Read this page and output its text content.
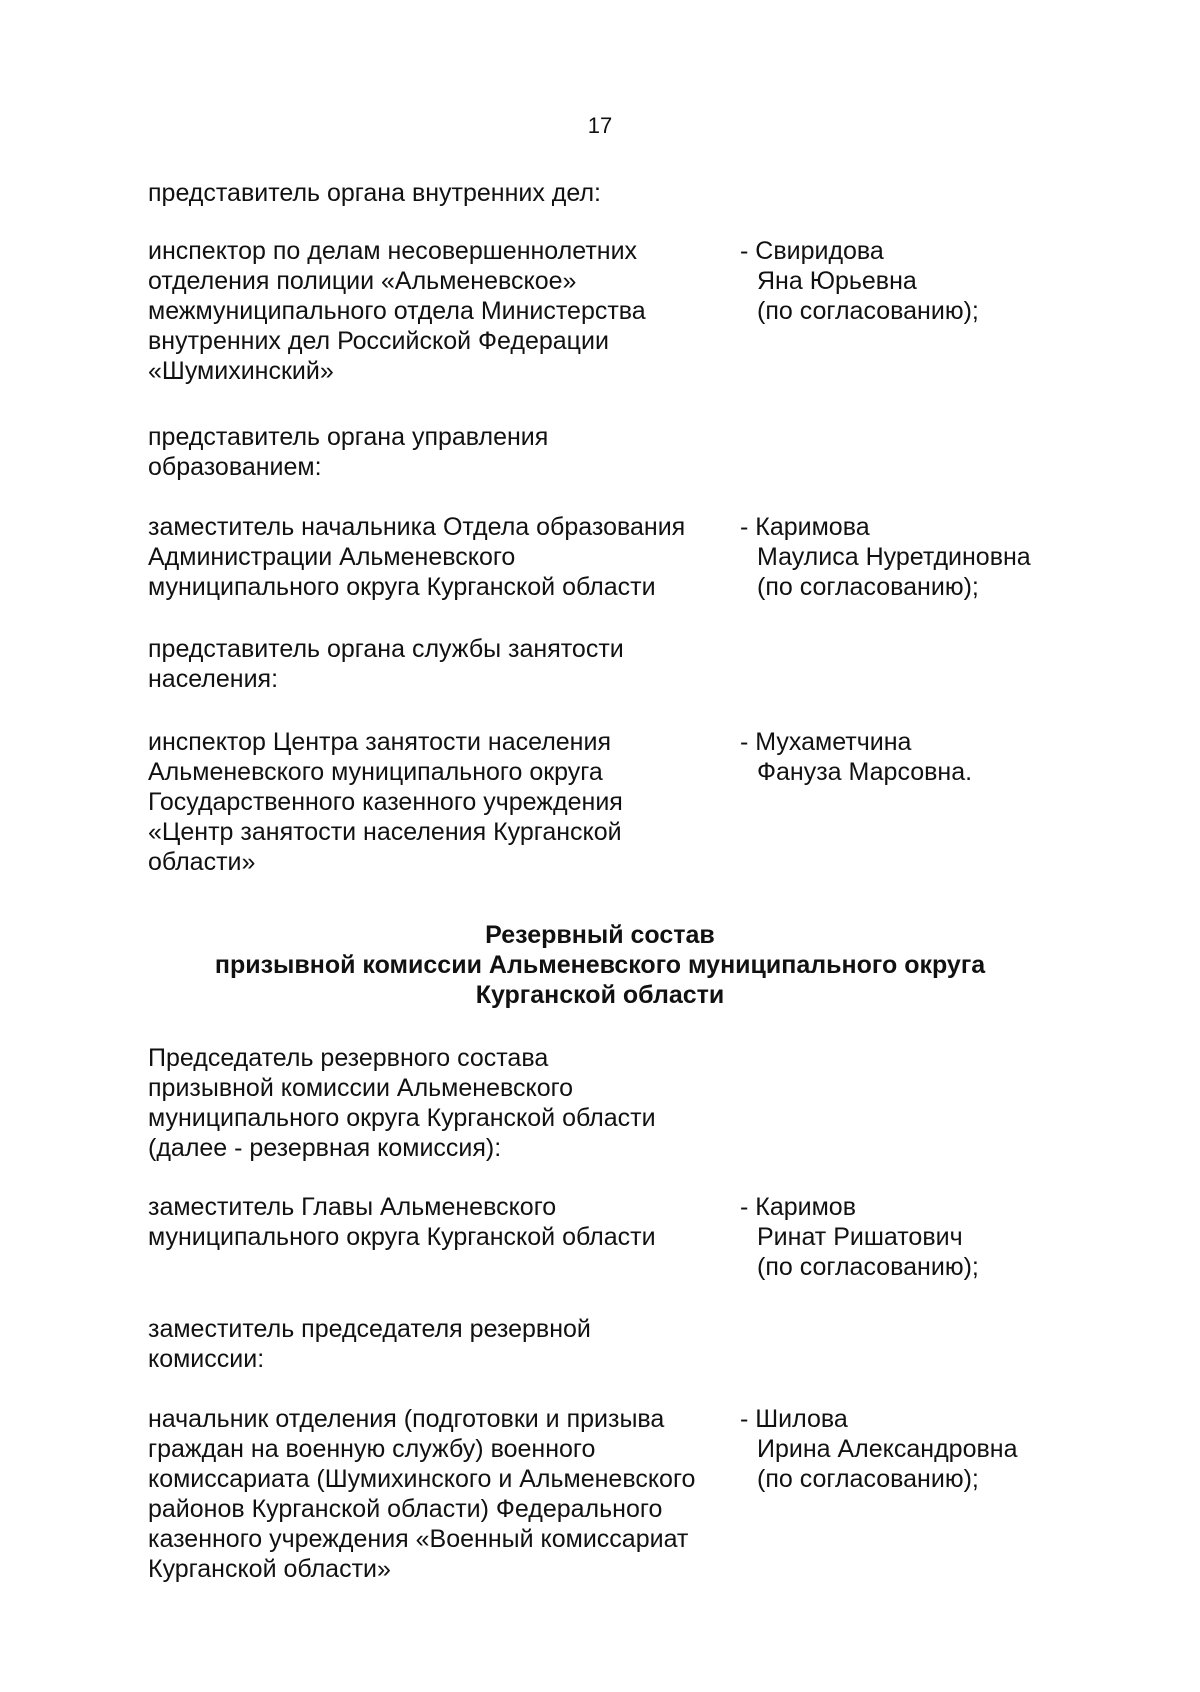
17
представитель органа внутренних дел:
инспектор по делам несовершеннолетних
отделения полиции «Альменевское»
межмуниципального отдела Министерства
внутренних дел Российской Федерации
«Шумихинский»
- Свиридова
Яна Юрьевна
(по согласованию);
представитель органа управления
образованием:
заместитель начальника Отдела образования
Администрации Альменевского
муниципального округа Курганской области
- Каримова
Маулиса Нуретдиновна
(по согласованию);
представитель органа службы занятости
населения:
инспектор Центра занятости населения
Альменевского муниципального округа
Государственного казенного учреждения
«Центр занятости населения Курганской
области»
- Мухаметчина
Фануза Марсовна.
Резервный состав
призывной комиссии Альменевского муниципального округа
Курганской области
Председатель резервного состава
призывной комиссии Альменевского
муниципального округа Курганской области
(далее - резервная комиссия):
заместитель Главы Альменевского
муниципального округа Курганской области
- Каримов
Ринат Ришатович
(по согласованию);
заместитель председателя резервной
комиссии:
начальник отделения (подготовки и призыва
граждан на военную службу) военного
комиссариата (Шумихинского и Альменевского
районов Курганской области) Федерального
казенного учреждения «Военный комиссариат
Курганской области»
- Шилова
Ирина Александровна
(по согласованию);
